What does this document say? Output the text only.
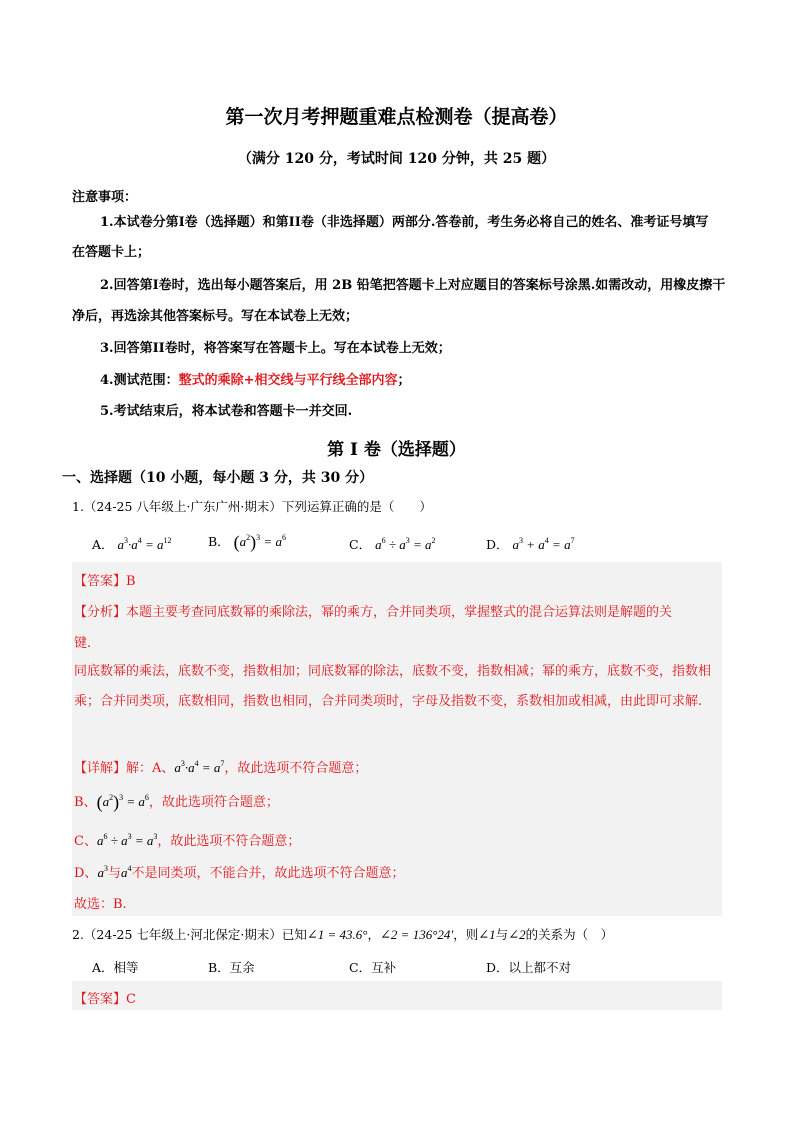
第一次月考押题重难点检测卷（提高卷）
（满分 120 分，考试时间 120 分钟，共 25 题）
注意事项：
1.本试卷分第I卷（选择题）和第II卷（非选择题）两部分.答卷前，考生务必将自己的姓名、准考证号填写
在答题卡上；
2.回答第I卷时，选出每小题答案后，用 2B 铅笔把答题卡上对应题目的答案标号涂黑.如需改动，用橡皮擦干
净后，再选涂其他答案标号。写在本试卷上无效；
3.回答第II卷时，将答案写在答题卡上。写在本试卷上无效；
4.测试范围：整式的乘除+相交线与平行线全部内容；
5.考试结束后，将本试卷和答题卡一并交回.
第 I 卷（选择题）
一、选择题（10 小题，每小题 3 分，共 30 分）
1.（24-25 八年级上·广东广州·期末）下列运算正确的是（　　）
A． $a^3\cdot a^4 = a^{12}$	B． $(a^2)^3 = a^6$	C． $a^6 \div a^3 = a^2$	D． $a^3 + a^4 = a^7$
【答案】B
【分析】本题主要考查同底数幂的乘除法，幂的乘方，合并同类项，掌握整式的混合运算法则是解题的关
键.
同底数幂的乘法，底数不变，指数相加；同底数幂的除法，底数不变，指数相减；幂的乘方，底数不变，指数相乘；合并同类项，底数相同，指数也相同，合并同类项时，字母及指数不变，系数相加或相减，由此即可求解.
【详解】解：A、$a^3\cdot a^4 = a^7$，故此选项不符合题意；
B、$(a^2)^3 = a^6$，故此选项符合题意；
C、$a^6 \div a^3 = a^3$，故此选项不符合题意；
D、$a^3$与$a^4$不是同类项，不能合并，故此选项不符合题意；
故选：B.
2.（24-25 七年级上·河北保定·期末）已知∠1 = 43.6°，∠2 = 136°24′，则∠1与∠2的关系为（　）
A．相等	B．互余	C．互补	D．以上都不对
【答案】C
